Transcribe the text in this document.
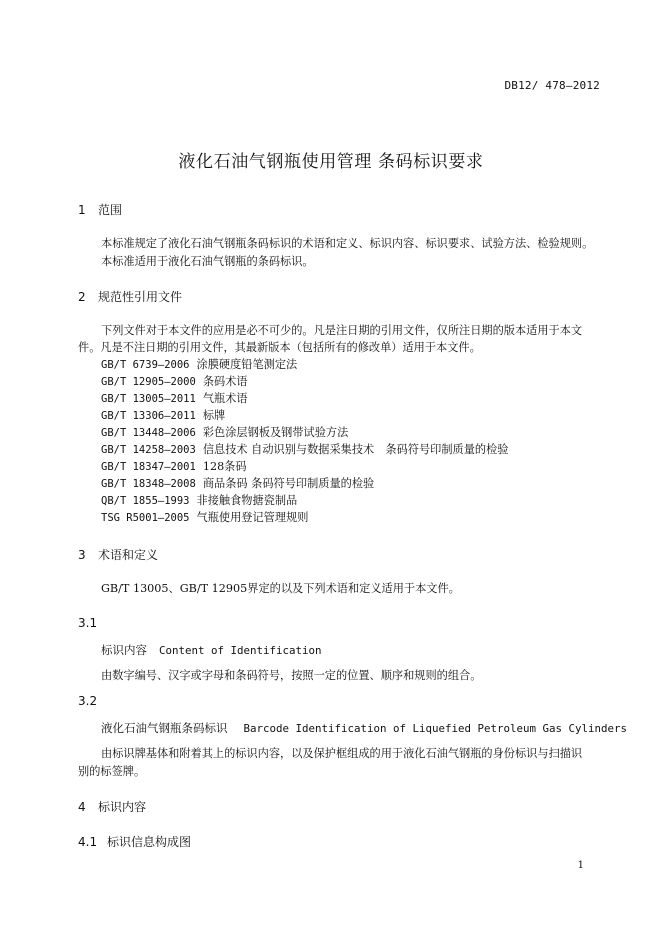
DB12/ 478—2012
液化石油气钢瓶使用管理 条码标识要求
1 范围
本标准规定了液化石油气钢瓶条码标识的术语和定义、标识内容、标识要求、试验方法、检验规则。
本标准适用于液化石油气钢瓶的条码标识。
2 规范性引用文件
下列文件对于本文件的应用是必不可少的。凡是注日期的引用文件，仅所注日期的版本适用于本文
件。凡是不注日期的引用文件，其最新版本（包括所有的修改单）适用于本文件。
GB/T 6739—2006 涂膜硬度铅笔测定法
GB/T 12905—2000 条码术语
GB/T 13005—2011 气瓶术语
GB/T 13306—2011 标牌
GB/T 13448—2006 彩色涂层钢板及钢带试验方法
GB/T 14258—2003 信息技术 自动识别与数据采集技术　条码符号印制质量的检验
GB/T 18347—2001 128条码
GB/T 18348—2008 商品条码 条码符号印制质量的检验
QB/T 1855—1993 非接触食物搪瓷制品
TSG R5001—2005 气瓶使用登记管理规则
3 术语和定义
GB/T 13005、GB/T 12905界定的以及下列术语和定义适用于本文件。
3.1
标识内容 Content of Identification
由数字编号、汉字或字母和条码符号，按照一定的位置、顺序和规则的组合。
3.2
液化石油气钢瓶条码标识 Barcode Identification of Liquefied Petroleum Gas Cylinders
由标识牌基体和附着其上的标识内容，以及保护框组成的用于液化石油气钢瓶的身份标识与扫描识
别的标签牌。
4 标识内容
4.1 标识信息构成图
1
